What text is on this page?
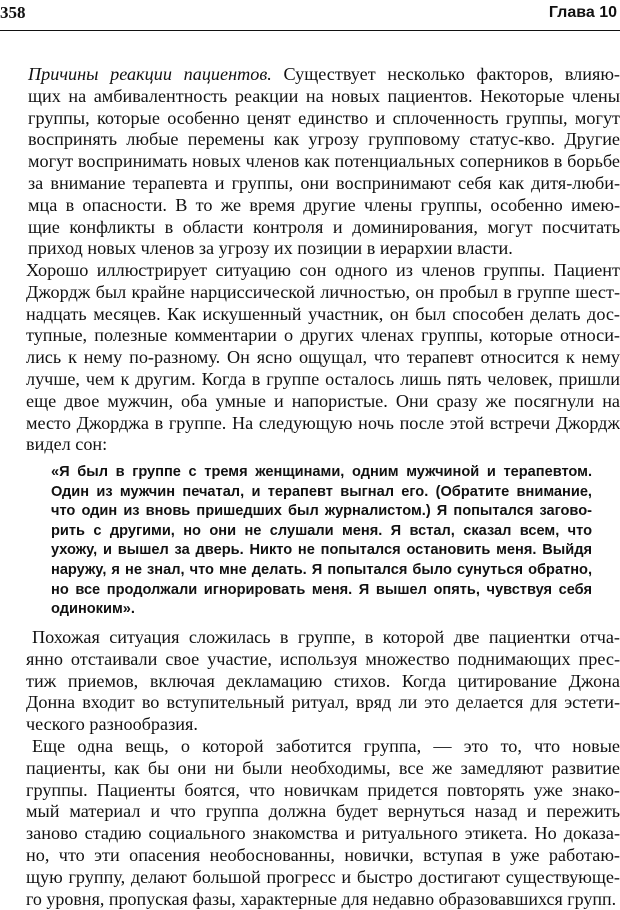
358	Глава 10
Причины реакции пациентов. Существует несколько факторов, влияю-
щих на амбивалентность реакции на новых пациентов. Некоторые члены
группы, которые особенно ценят единство и сплоченность группы, могут
воспринять любые перемены как угрозу групповому статус-кво. Другие
могут воспринимать новых членов как потенциальных соперников в борьбе
за внимание терапевта и группы, они воспринимают себя как дитя-люби-
мца в опасности. В то же время другие члены группы, особенно имею-
щие конфликты в области контроля и доминирования, могут посчитать
приход новых членов за угрозу их позиции в иерархии власти.
Хорошо иллюстрирует ситуацию сон одного из членов группы. Пациент
Джордж был крайне нарциссической личностью, он пробыл в группе шест-
надцать месяцев. Как искушенный участник, он был способен делать дос-
тупные, полезные комментарии о других членах группы, которые относи-
лись к нему по-разному. Он ясно ощущал, что терапевт относится к нему
лучше, чем к другим. Когда в группе осталось лишь пять человек, пришли
еще двое мужчин, оба умные и напористые. Они сразу же посягнули на
место Джорджа в группе. На следующую ночь после этой встречи Джордж
видел сон:
«Я был в группе с тремя женщинами, одним мужчиной и терапевтом.
Один из мужчин печатал, и терапевт выгнал его. (Обратите внимание,
что один из вновь пришедших был журналистом.) Я попытался загово-
рить с другими, но они не слушали меня. Я встал, сказал всем, что
ухожу, и вышел за дверь. Никто не попытался остановить меня. Выйдя
наружу, я не знал, что мне делать. Я попытался было сунуться обратно,
но все продолжали игнорировать меня. Я вышел опять, чувствуя себя
одиноким».
Похожая ситуация сложилась в группе, в которой две пациентки отча-
янно отстаивали свое участие, используя множество поднимающих прес-
тиж приемов, включая декламацию стихов. Когда цитирование Джона
Донна входит во вступительный ритуал, вряд ли это делается для эстети-
ческого разнообразия.
Еще одна вещь, о которой заботится группа, — это то, что новые
пациенты, как бы они ни были необходимы, все же замедляют развитие
группы. Пациенты боятся, что новичкам придется повторять уже знако-
мый материал и что группа должна будет вернуться назад и пережить
заново стадию социального знакомства и ритуального этикета. Но доказа-
но, что эти опасения необоснованны, новички, вступая в уже работаю-
щую группу, делают большой прогресс и быстро достигают существующе-
го уровня, пропуская фазы, характерные для недавно образовавшихся групп.
